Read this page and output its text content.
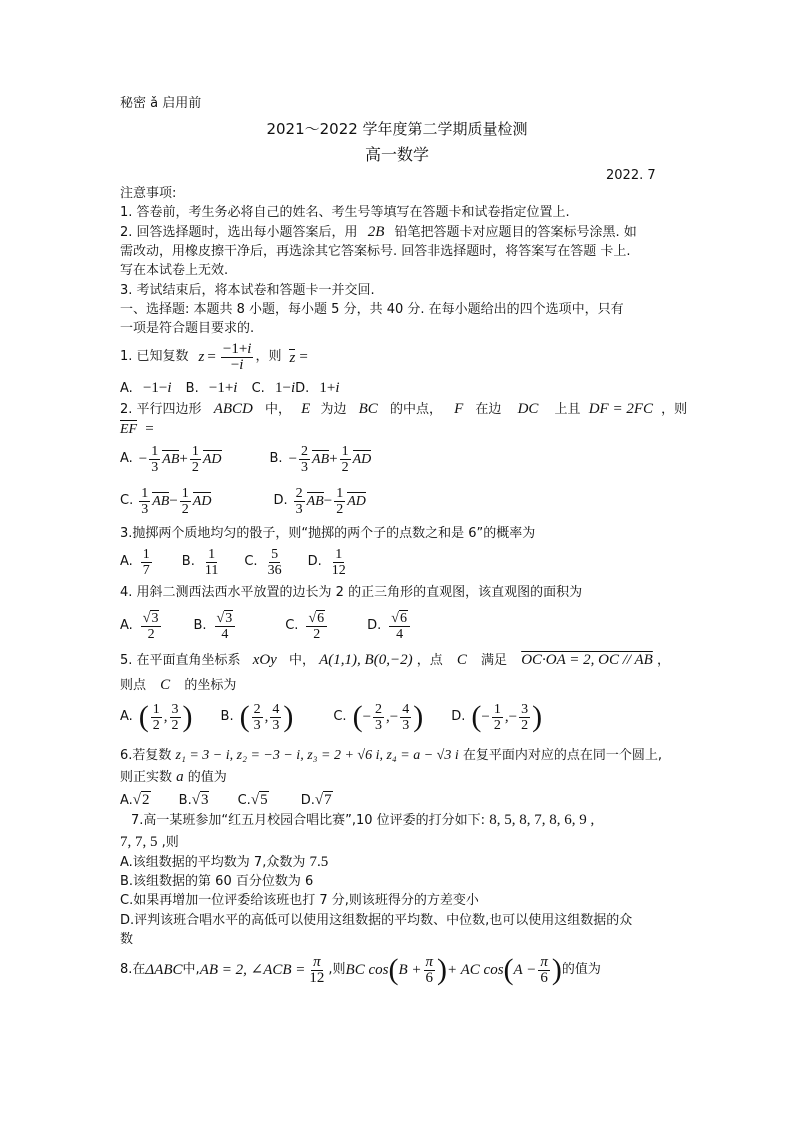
秘密 ǎ 启用前
2021～2022 学年度第二学期质量检测
高一数学
2022. 7
注意事项:
1. 答卷前，考生务必将自己的姓名、考生号等填写在答题卡和试卷指定位置上.
2. 回答选择题时，选出每小题答案后，用 2B 铅笔把答题卡对应题目的答案标号涂黑. 如
需改动，用橡皮擦干净后，再选涂其它答案标号. 回答非选择题时，将答案写在答题 卡上.
写在本试卷上无效.
3. 考试结束后，将本试卷和答题卡一并交回.
一、选择题: 本题共 8 小题，每小题 5 分，共 40 分. 在每小题给出的四个选项中，只有
一项是符合题目要求的.
1. 已知复数 $z = \frac{-1+i}{-i}$ ，则 z =
A. −1−i B. −1+i C. 1−iD. 1+i
2. 平行四边形 ABCD 中， E 为边 BC 的中点， F 在边 DC 上且 DF = 2FC ，则
EF =
A. − $\frac{1}{3}$ AB + $\frac{1}{2}$ AD	B. − $\frac{2}{3}$ AB + $\frac{1}{2}$ AD
C. $\frac{1}{3}$ AB − $\frac{1}{2}$ AD	D. $\frac{2}{3}$ AB − $\frac{1}{2}$ AD
3.抛掷两个质地均匀的骰子，则“抛掷的两个子的点数之和是 6”的概率为
A. $\frac{1}{7} B$. $\frac{1}{11} C$. $\frac{5}{36} D$. $\frac{1}{12}$
4. 用斜二测西法西水平放置的边长为 2 的正三角形的直观图，该直观图的面积为
A. $\frac{√3}{2} B$. $\frac{√3}{4}$	C. $\frac{√6}{2}$	D. $\frac{√6}{4}$
5. 在平面直角坐标系 xOy 中， A(1,1), B(0,−2) ，点 C 满足 OC·OA = 2, OC // AB ，
则点 C 的坐标为
A. ( $\frac{1}{2}$ , $\frac{3}{2}$ ) B. ( $\frac{2}{3}$ , $\frac{4}{3}$ )	C. ( − $\frac{2}{3}$ ,− $\frac{4}{3}$ ) D. ( − $\frac{1}{2}$ ,− $\frac{3}{2}$ )
6.若复数 z₁ = 3 − i, z₂ = −3 − i, z₃ = 2 + √6 i, z₄ = a − √3 i 在复平面内对应的点在同一个圆上,
则正实数 a 的值为
A.√2 B.√3 C.√5	D.√7
7.高一某班参加“红五月校园合唱比赛”,10 位评委的打分如下: 8, 5, 8, 7, 8, 6, 9 ,
7, 7, 5 ,则
A.该组数据的平均数为 7,众数为 7.5
B.该组数据的第 60 百分位数为 6
C.如果再增加一位评委给该班也打 7 分,则该班得分的方差变小
D.评判该班合唱水平的高低可以使用这组数据的平均数、中位数,也可以使用这组数据的众
数
8.在 ΔABC 中, AB = 2, ∠ACB = $\frac{\pi}{12}$ ,则 BC cos ( $B + \frac{\pi}{6}$ ) + AC cos ( $A - \frac{\pi}{6}$ ) 的值为
